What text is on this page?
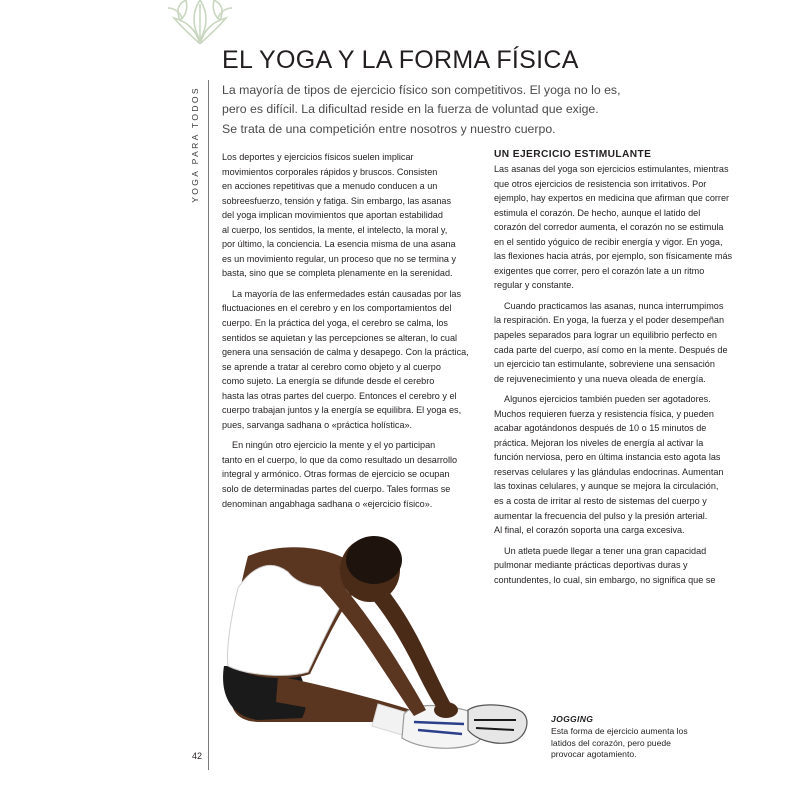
YOGA PARA TODOS
42
EL YOGA Y LA FORMA FÍSICA
La mayoría de tipos de ejercicio físico son competitivos. El yoga no lo es,
pero es difícil. La dificultad reside en la fuerza de voluntad que exige.
Se trata de una competición entre nosotros y nuestro cuerpo.
Los deportes y ejercicios físicos suelen implicar
movimientos corporales rápidos y bruscos. Consisten
en acciones repetitivas que a menudo conducen a un
sobreesfuerzo, tensión y fatiga. Sin embargo, las asanas
del yoga implican movimientos que aportan estabilidad
al cuerpo, los sentidos, la mente, el intelecto, la moral y,
por último, la conciencia. La esencia misma de una asana
es un movimiento regular, un proceso que no se termina y
basta, sino que se completa plenamente en la serenidad.
La mayoría de las enfermedades están causadas por las
fluctuaciones en el cerebro y en los comportamientos del
cuerpo. En la práctica del yoga, el cerebro se calma, los
sentidos se aquietan y las percepciones se alteran, lo cual
genera una sensación de calma y desapego. Con la práctica,
se aprende a tratar al cerebro como objeto y al cuerpo
como sujeto. La energía se difunde desde el cerebro
hasta las otras partes del cuerpo. Entonces el cerebro y el
cuerpo trabajan juntos y la energía se equilibra. El yoga es,
pues, sarvanga sadhana o «práctica holística».
En ningún otro ejercicio la mente y el yo participan
tanto en el cuerpo, lo que da como resultado un desarrollo
integral y armónico. Otras formas de ejercicio se ocupan
solo de determinadas partes del cuerpo. Tales formas se
denominan angabhaga sadhana o «ejercicio físico».
UN EJERCICIO ESTIMULANTE
Las asanas del yoga son ejercicios estimulantes, mientras
que otros ejercicios de resistencia son irritativos. Por
ejemplo, hay expertos en medicina que afirman que correr
estimula el corazón. De hecho, aunque el latido del
corazón del corredor aumenta, el corazón no se estimula
en el sentido yóguico de recibir energía y vigor. En yoga,
las flexiones hacia atrás, por ejemplo, son físicamente más
exigentes que correr, pero el corazón late a un ritmo
regular y constante.
Cuando practicamos las asanas, nunca interrumpimos
la respiración. En yoga, la fuerza y el poder desempeñan
papeles separados para lograr un equilibrio perfecto en
cada parte del cuerpo, así como en la mente. Después de
un ejercicio tan estimulante, sobreviene una sensación
de rejuvenecimiento y una nueva oleada de energía.
Algunos ejercicios también pueden ser agotadores.
Muchos requieren fuerza y resistencia física, y pueden
acabar agotándonos después de 10 o 15 minutos de
práctica. Mejoran los niveles de energía al activar la
función nerviosa, pero en última instancia esto agota las
reservas celulares y las glándulas endocrinas. Aumentan
las toxinas celulares, y aunque se mejora la circulación,
es a costa de irritar al resto de sistemas del cuerpo y
aumentar la frecuencia del pulso y la presión arterial.
Al final, el corazón soporta una carga excesiva.
Un atleta puede llegar a tener una gran capacidad
pulmonar mediante prácticas deportivas duras y
contundentes, lo cual, sin embargo, no significa que se
JOGGING
Esta forma de ejercicio aumenta los
latidos del corazón, pero puede
provocar agotamiento.
